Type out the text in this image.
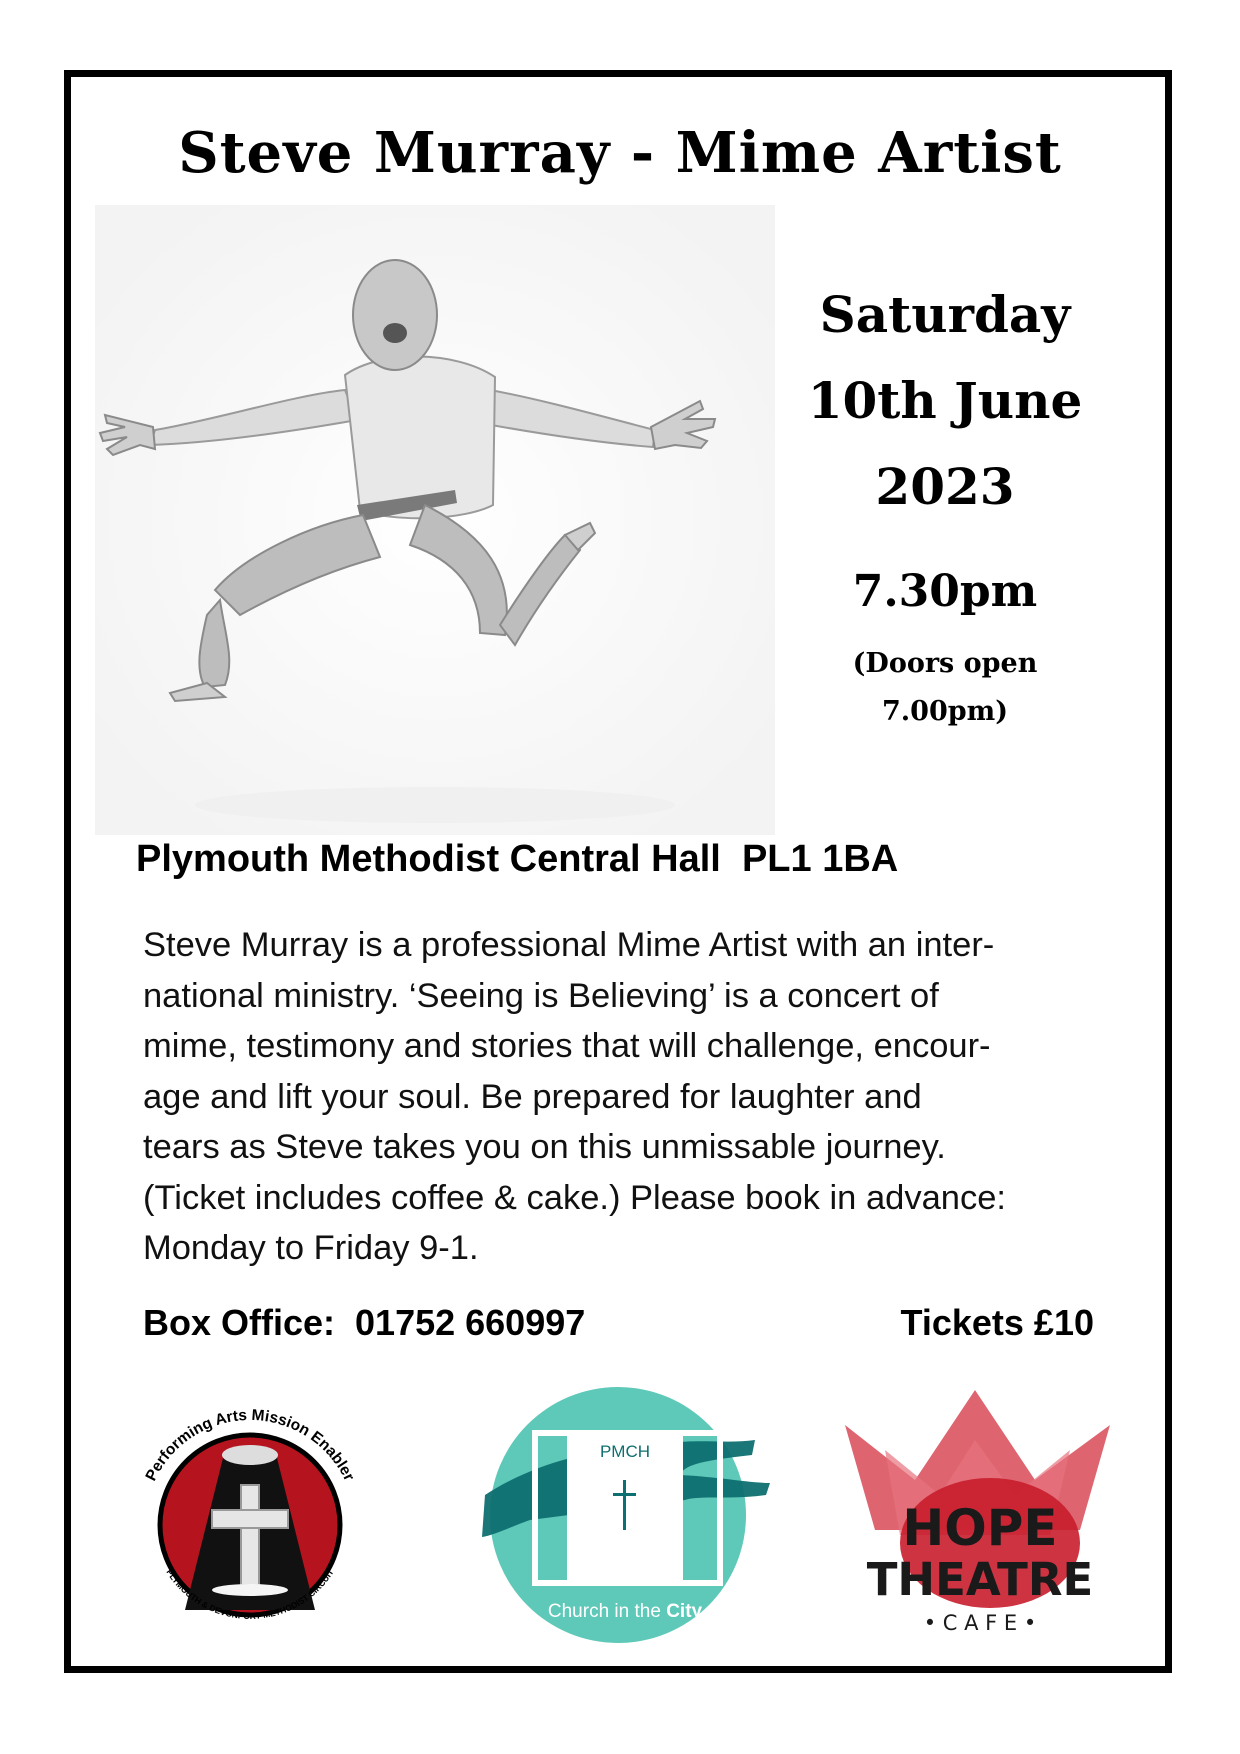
Steve Murray - Mime Artist
Saturday
10th June
2023
7.30pm
(Doors open
7.00pm)
Plymouth Methodist Central Hall  PL1 1BA
Steve Murray is a professional Mime Artist with an inter-
national ministry. ‘Seeing is Believing’ is a concert of
mime, testimony and stories that will challenge, encour-
age and lift your soul. Be prepared for laughter and
tears as Steve takes you on this unmissable journey.
(Ticket includes coffee & cake.) Please book in advance:
Monday to Friday 9-1.
Box Office:  01752 660997	Tickets £10
Performing Arts Mission Enabler
PLYMOUTH & DEVONPORT METHODIST CIRCUIT
PMCH
Church in the City
HOPE
THEATRE
• C A F E •
